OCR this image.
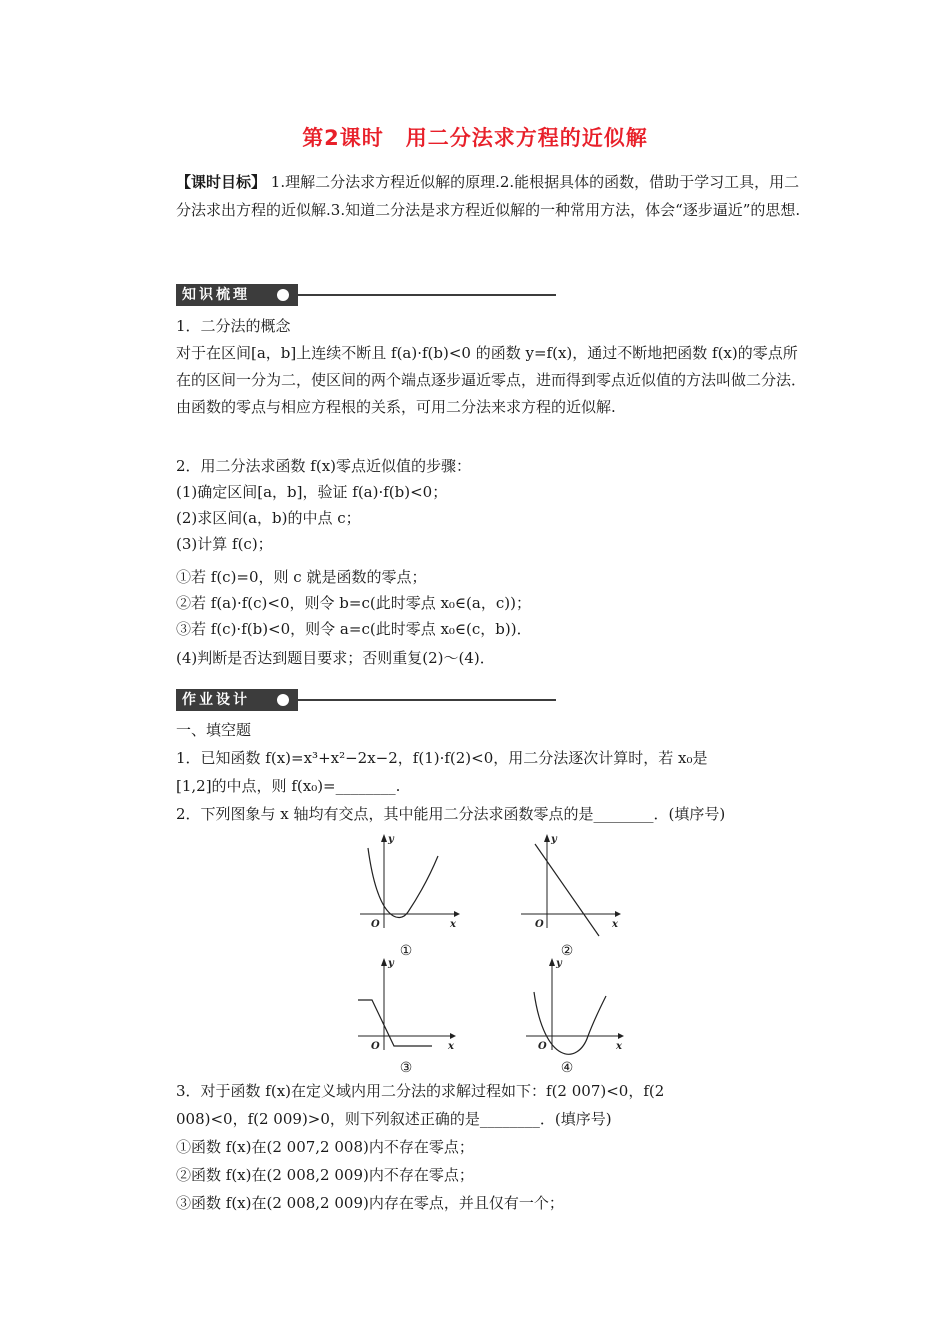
第2课时　用二分法求方程的近似解

【课时目标】 1.理解二分法求方程近似解的原理.2.能根据具体的函数，借助于学习工具，用二分法求出方程的近似解.3.知道二分法是求方程近似解的一种常用方法，体会“逐步逼近”的思想.

知识梳理
1．二分法的概念

对于在区间[a，b]上连续不断且 f(a)·f(b)<0 的函数 y=f(x)，通过不断地把函数 f(x)的零点所在的区间一分为二，使区间的两个端点逐步逼近零点，进而得到零点近似值的方法叫做二分法．由函数的零点与相应方程根的关系，可用二分法来求方程的近似解.

2．用二分法求函数 f(x)零点近似值的步骤：
(1)确定区间[a，b]，验证 f(a)·f(b)<0；
(2)求区间(a，b)的中点 c；
(3)计算 f(c)；
①若 f(c)=0，则 c 就是函数的零点；
②若 f(a)·f(c)<0，则令 b=c(此时零点 x₀∈(a，c))；
③若 f(c)·f(b)<0，则令 a=c(此时零点 x₀∈(c，b))．
(4)判断是否达到题目要求；否则重复(2)～(4)．
作业设计
一、填空题
1．已知函数 f(x)=x³+x²−2x−2，f(1)·f(2)<0，用二分法逐次计算时，若 x₀是
[1,2]的中点，则 f(x₀)=________.
2．下列图象与 x 轴均有交点，其中能用二分法求函数零点的是________．(填序号)
y
x
O
①
y
x
O
②
y
x
O
③
y
x
O
④
3．对于函数 f(x)在定义域内用二分法的求解过程如下：f(2 007)<0，f(2
008)<0，f(2 009)>0，则下列叙述正确的是________．(填序号)
①函数 f(x)在(2 007,2 008)内不存在零点；
②函数 f(x)在(2 008,2 009)内不存在零点；
③函数 f(x)在(2 008,2 009)内存在零点，并且仅有一个；
